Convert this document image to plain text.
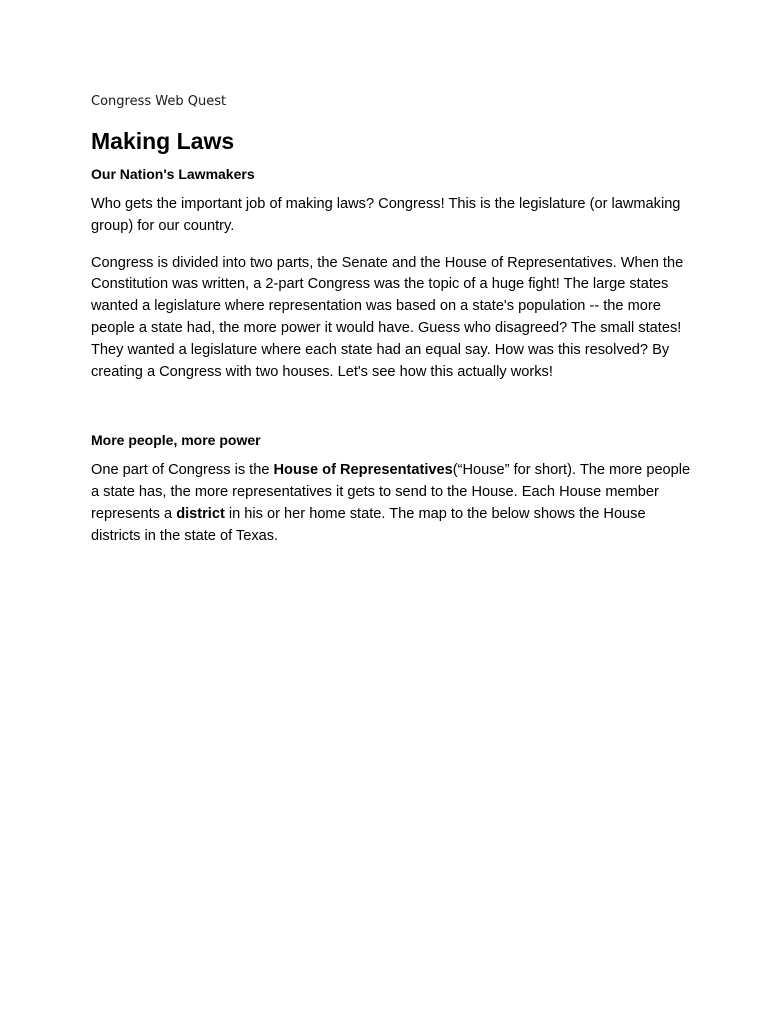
Congress Web Quest

Making Laws
Our Nation's Lawmakers

Who gets the important job of making laws? Congress! This is the legislature (or lawmaking group) for our country.

Congress is divided into two parts, the Senate and the House of Representatives. When the Constitution was written, a 2-part Congress was the topic of a huge fight! The large states wanted a legislature where representation was based on a state's population -- the more people a state had, the more power it would have. Guess who disagreed? The small states! They wanted a legislature where each state had an equal say. How was this resolved? By creating a Congress with two houses. Let's see how this actually works!

More people, more power

One part of Congress is the House of Representatives(“House” for short). The more people a state has, the more representatives it gets to send to the House. Each House member represents a district in his or her home state. The map to the below shows the House districts in the state of Texas.
